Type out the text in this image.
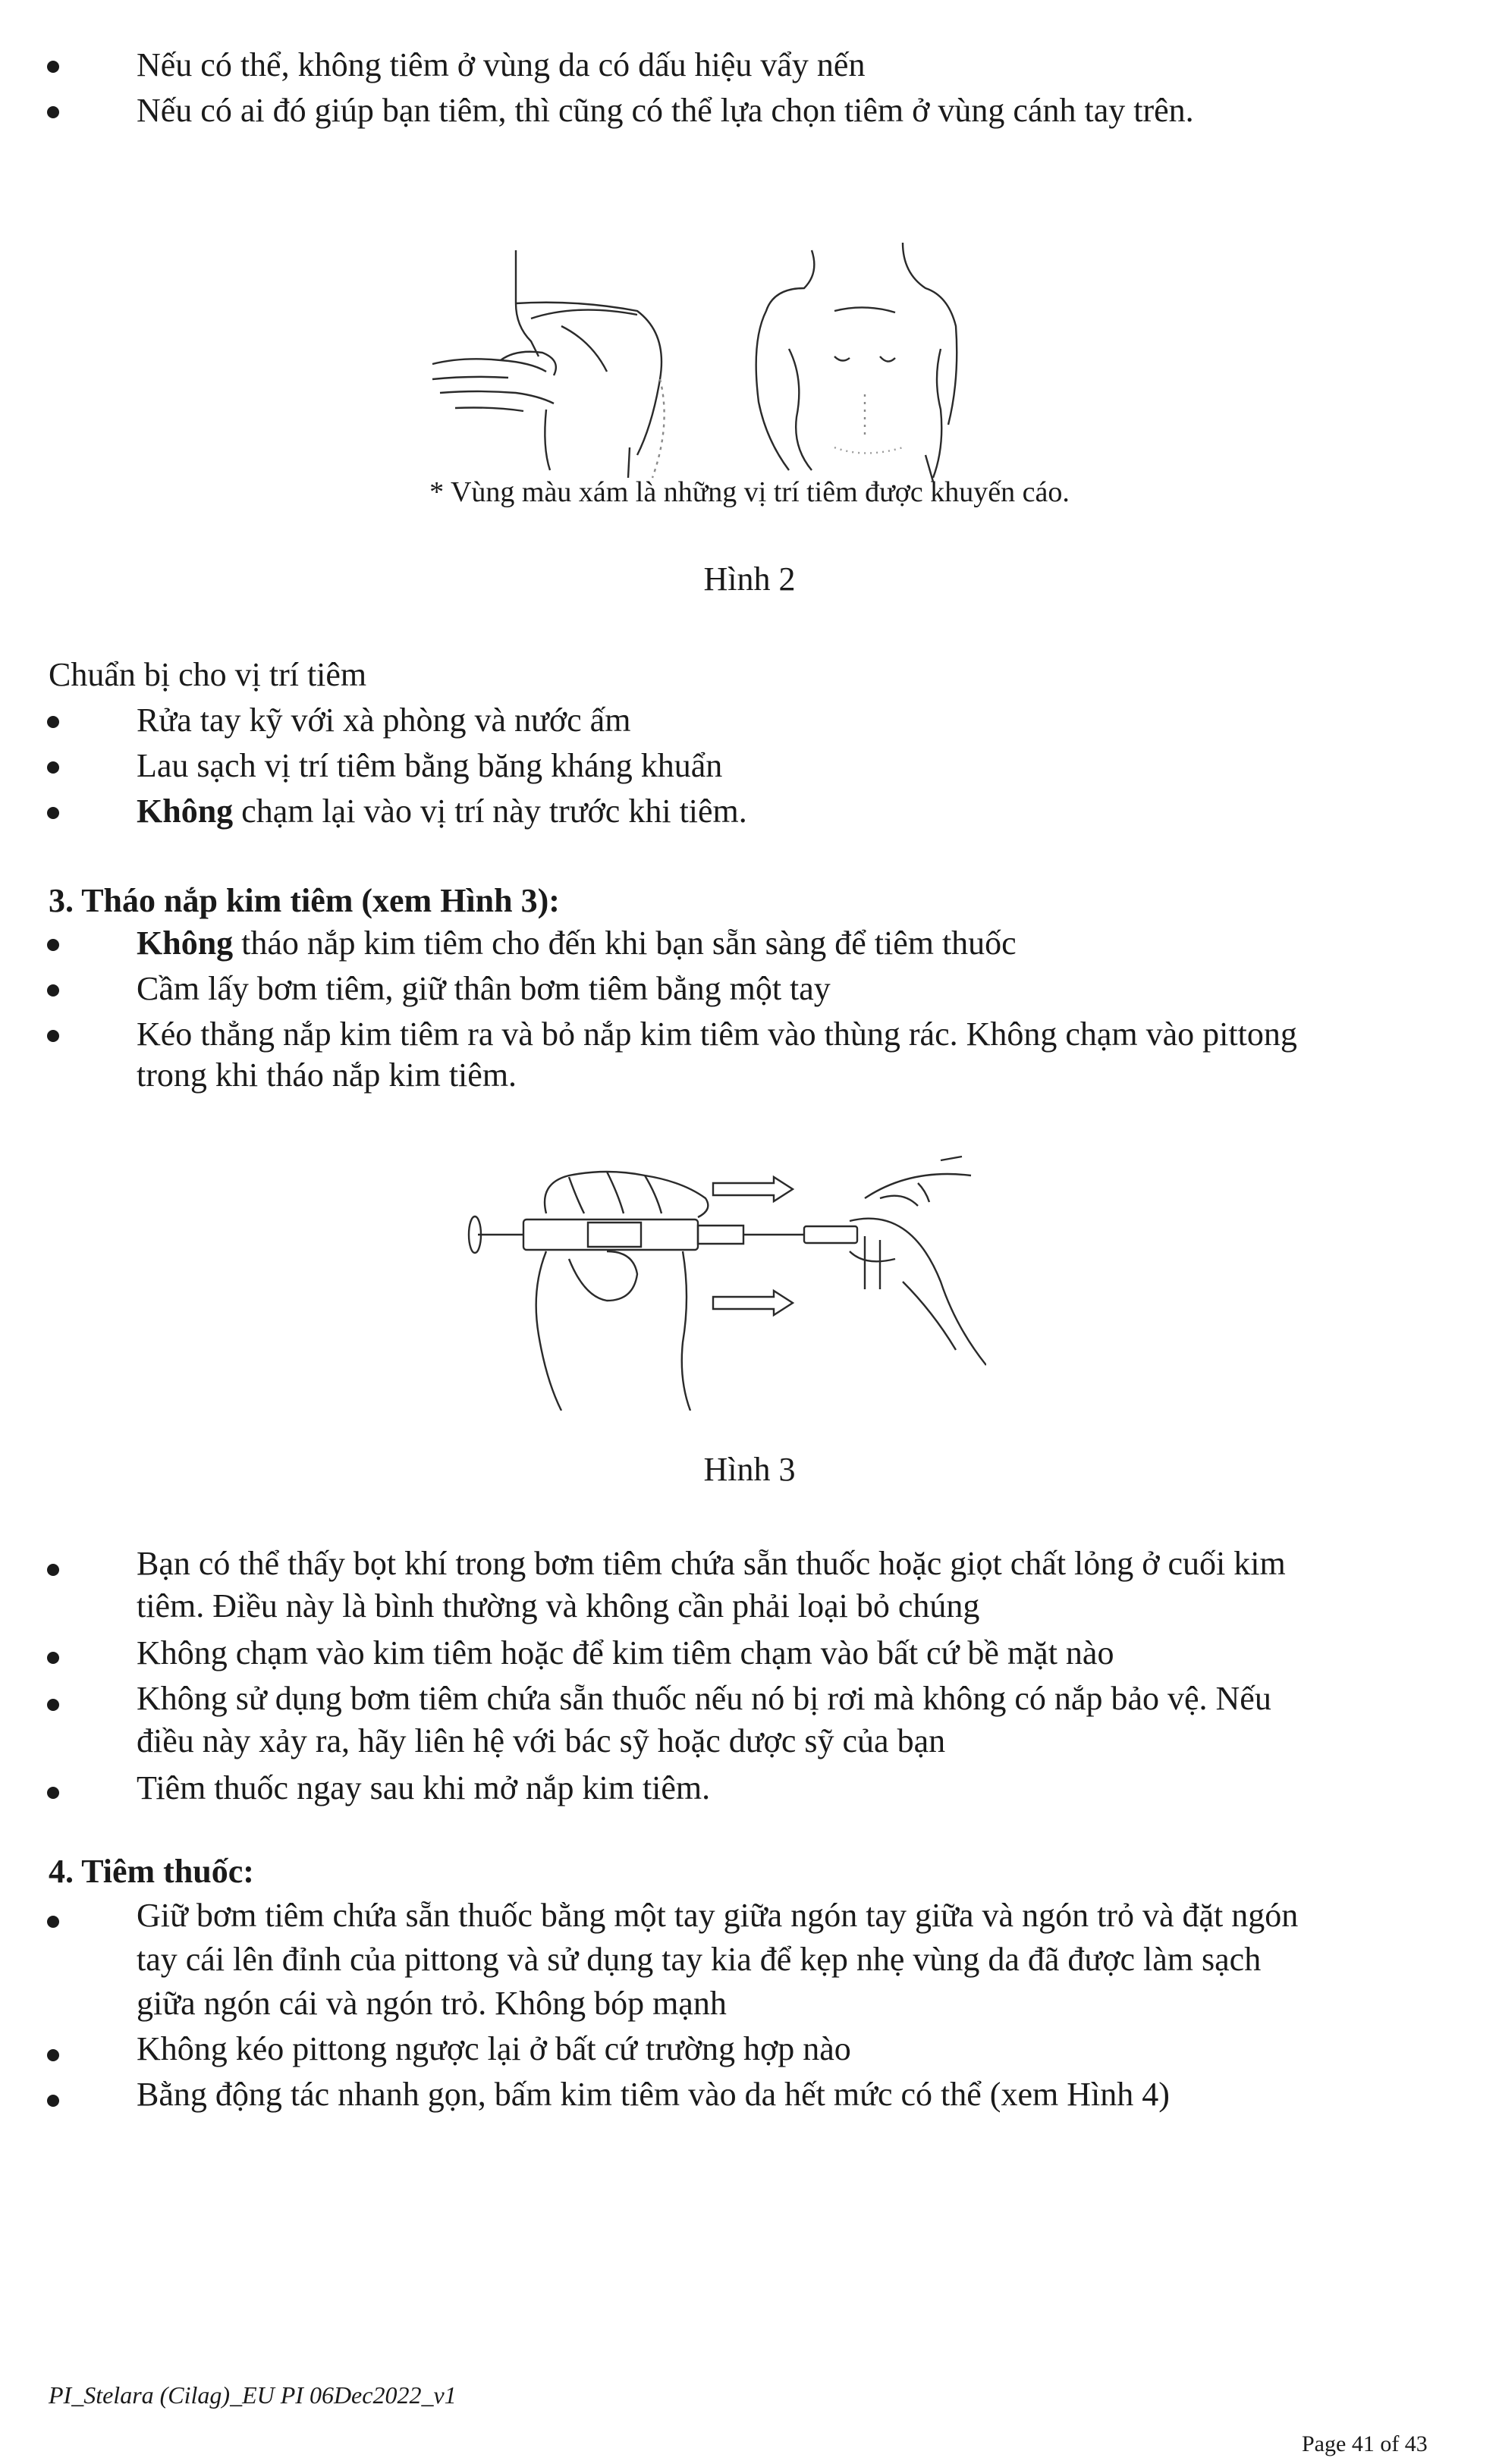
Nếu có thể, không tiêm ở vùng da có dấu hiệu vẩy nến
Nếu có ai đó giúp bạn tiêm, thì cũng có thể lựa chọn tiêm ở vùng cánh tay trên.
* Vùng màu xám là những vị trí tiêm được khuyến cáo.
Hình 2
Chuẩn bị cho vị trí tiêm
Rửa tay kỹ với xà phòng và nước ấm
Lau sạch vị trí tiêm bằng băng kháng khuẩn
Không chạm lại vào vị trí này trước khi tiêm.
3. Tháo nắp kim tiêm (xem Hình 3):
Không tháo nắp kim tiêm cho đến khi bạn sẵn sàng để tiêm thuốc
Cầm lấy bơm tiêm, giữ thân bơm tiêm bằng một tay
Kéo thẳng nắp kim tiêm ra và bỏ nắp kim tiêm vào thùng rác. Không chạm vào pittong
trong khi tháo nắp kim tiêm.
Hình 3
Bạn có thể thấy bọt khí trong bơm tiêm chứa sẵn thuốc hoặc giọt chất lỏng ở cuối kim
tiêm. Điều này là bình thường và không cần phải loại bỏ chúng
Không chạm vào kim tiêm hoặc để kim tiêm chạm vào bất cứ bề mặt nào
Không sử dụng bơm tiêm chứa sẵn thuốc nếu nó bị rơi mà không có nắp bảo vệ. Nếu
điều này xảy ra, hãy liên hệ với bác sỹ hoặc dược sỹ của bạn
Tiêm thuốc ngay sau khi mở nắp kim tiêm.
4. Tiêm thuốc:
Giữ bơm tiêm chứa sẵn thuốc bằng một tay giữa ngón tay giữa và ngón trỏ và đặt ngón
tay cái lên đỉnh của pittong và sử dụng tay kia để kẹp nhẹ vùng da đã được làm sạch
giữa ngón cái và ngón trỏ. Không bóp mạnh
Không kéo pittong ngược lại ở bất cứ trường hợp nào
Bằng động tác nhanh gọn, bấm kim tiêm vào da hết mức có thể (xem Hình 4)
PI_Stelara (Cilag)_EU PI 06Dec2022_v1
Page 41 of 43
